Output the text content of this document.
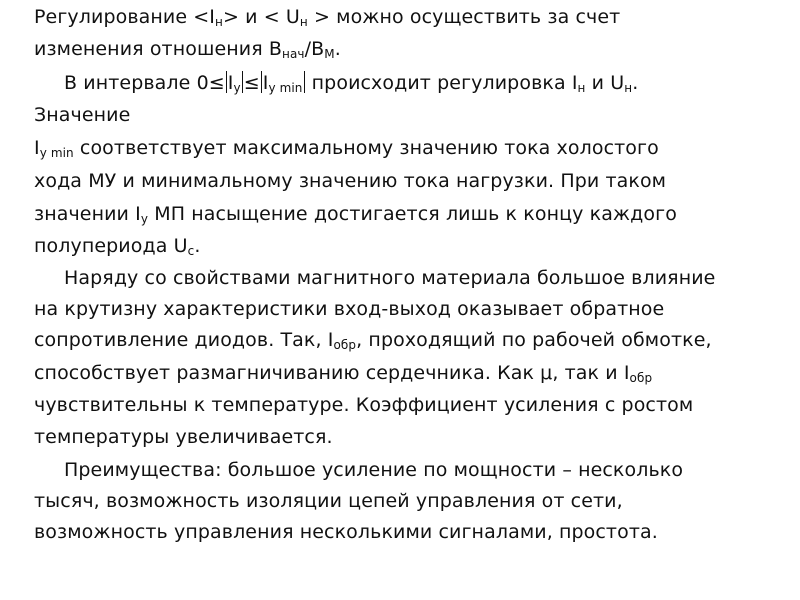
Регулирование $<I_н> и < U_н$ > можно осуществить за счет
изменения отношения $B_{нач}/B_M$.
В интервале $0\le I_у \le I_{у min}$ происходит регулировка $I_н$ и $U_н$.
Значение
$I_{у min}$ соответствует максимальному значению тока холостого
хода МУ и минимальному значению тока нагрузки. При таком
значении $I_у$ МП насыщение достигается лишь к концу каждого
полупериода $U_c$.
Наряду со свойствами магнитного материала большое влияние
на крутизну характеристики вход-выход оказывает обратное
сопротивление диодов. Так, $I_{обр}$, проходящий по рабочей обмотке,
способствует размагничиванию сердечника. Как μ, так и $I_{обр}$
чувствительны к температуре. Коэффициент усиления с ростом
температуры увеличивается.
Преимущества: большое усиление по мощности – несколько
тысяч, возможность изоляции цепей управления от сети,
возможность управления несколькими сигналами, простота.
